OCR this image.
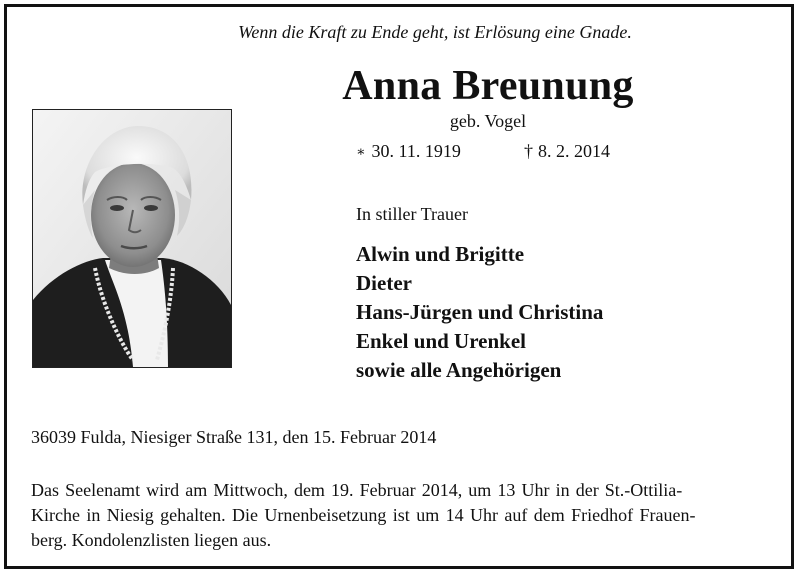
Wenn die Kraft zu Ende geht, ist Erlösung eine Gnade.
Anna Breunung
geb. Vogel
∗ 30. 11. 1919	† 8. 2. 2014
In stiller Trauer
Alwin und Brigitte
Dieter
Hans-Jürgen und Christina
Enkel und Urenkel
sowie alle Angehörigen
36039 Fulda, Niesiger Straße 131, den 15. Februar 2014
Das Seelenamt wird am Mittwoch, dem 19. Februar 2014, um 13 Uhr in der St.-Ottilia-
Kirche in Niesig gehalten. Die Urnenbeisetzung ist um 14 Uhr auf dem Friedhof Frauen-
berg. Kondolenzlisten liegen aus.
